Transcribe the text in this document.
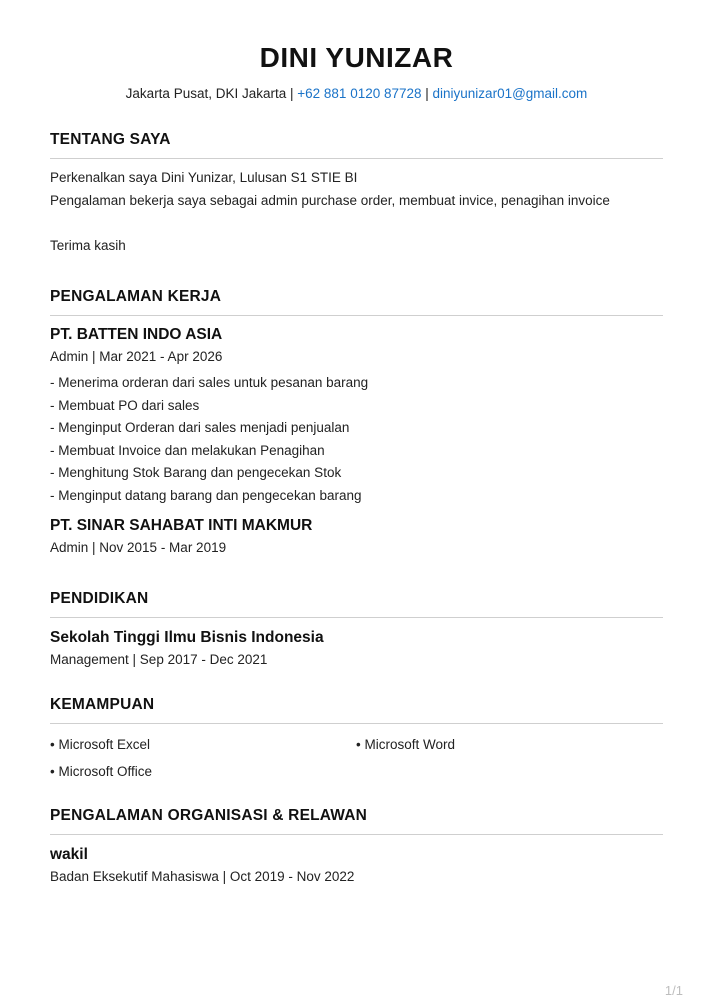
DINI YUNIZAR
Jakarta Pusat, DKI Jakarta | +62 881 0120 87728 | diniyunizar01@gmail.com
TENTANG SAYA
Perkenalkan saya Dini Yunizar, Lulusan S1 STIE BI
Pengalaman bekerja saya sebagai admin purchase order, membuat invice, penagihan invoice
Terima kasih
PENGALAMAN KERJA
PT. BATTEN INDO ASIA
Admin | Mar 2021 - Apr 2026
- Menerima orderan dari sales untuk pesanan barang
- Membuat PO dari sales
- Menginput Orderan dari sales menjadi penjualan
- Membuat Invoice dan melakukan Penagihan
- Menghitung Stok Barang dan pengecekan Stok
- Menginput datang barang dan pengecekan barang
PT. SINAR SAHABAT INTI MAKMUR
Admin | Nov 2015 - Mar 2019
PENDIDIKAN
Sekolah Tinggi Ilmu Bisnis Indonesia
Management | Sep 2017 - Dec 2021
KEMAMPUAN
• Microsoft Excel	• Microsoft Word
• Microsoft Office
PENGALAMAN ORGANISASI & RELAWAN
wakil
Badan Eksekutif Mahasiswa | Oct 2019 - Nov 2022
1/1
